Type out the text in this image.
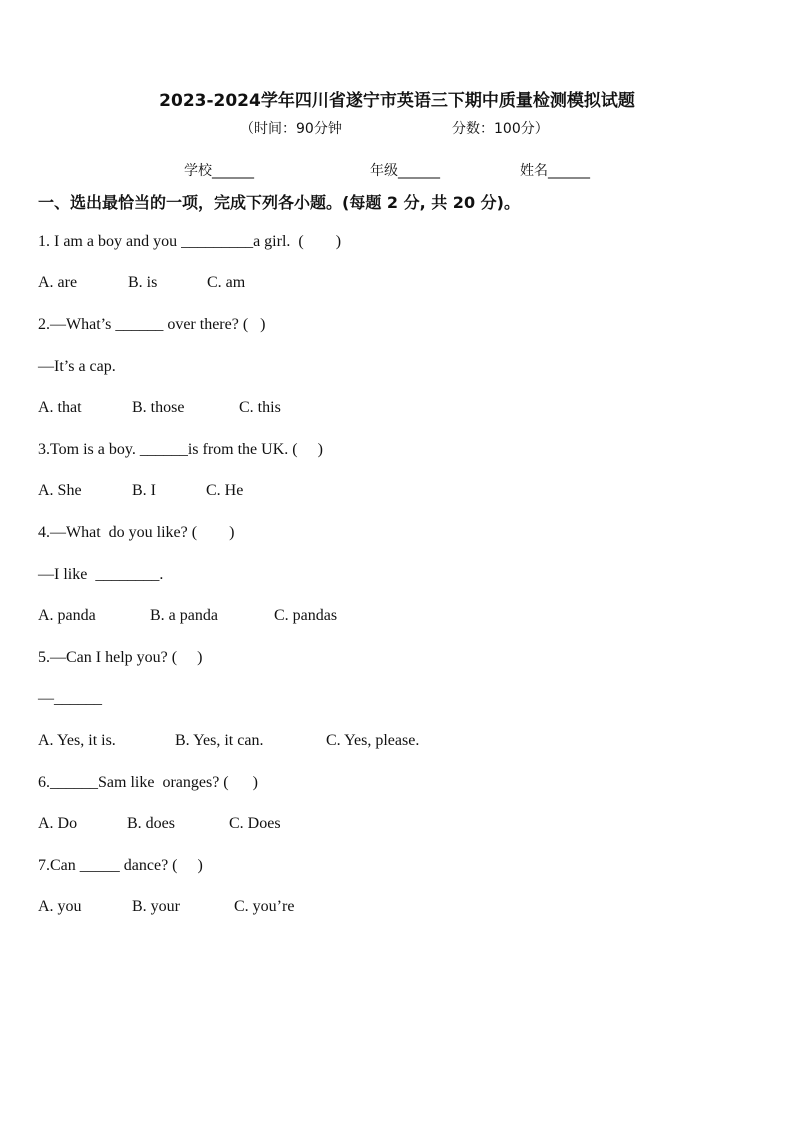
2023-2024学年四川省遂宁市英语三下期中质量检测模拟试题
（时间：90分钟	分数：100分）
学校______	年级______	姓名______
一、选出最恰当的一项，完成下列各小题。(每题 2 分, 共 20 分)。
1. I am a boy and you _________a girl.  (        )
A. are	B. is	C. am
2.—What’s ______ over there? (   )
—It’s a cap.
A. that	B. those	C. this
3.Tom is a boy. ______is from the UK. (     )
A. She	B. I	C. He
4.—What  do you like? (        )
—I like  ________.
A. panda	B. a panda	C. pandas
5.—Can I help you? (     )
—______
A. Yes, it is.	B. Yes, it can.	C. Yes, please.
6.______Sam like  oranges? (      )
A. Do	B. does	C. Does
7.Can _____ dance? (     )
A. you	B. your	C. you’re
